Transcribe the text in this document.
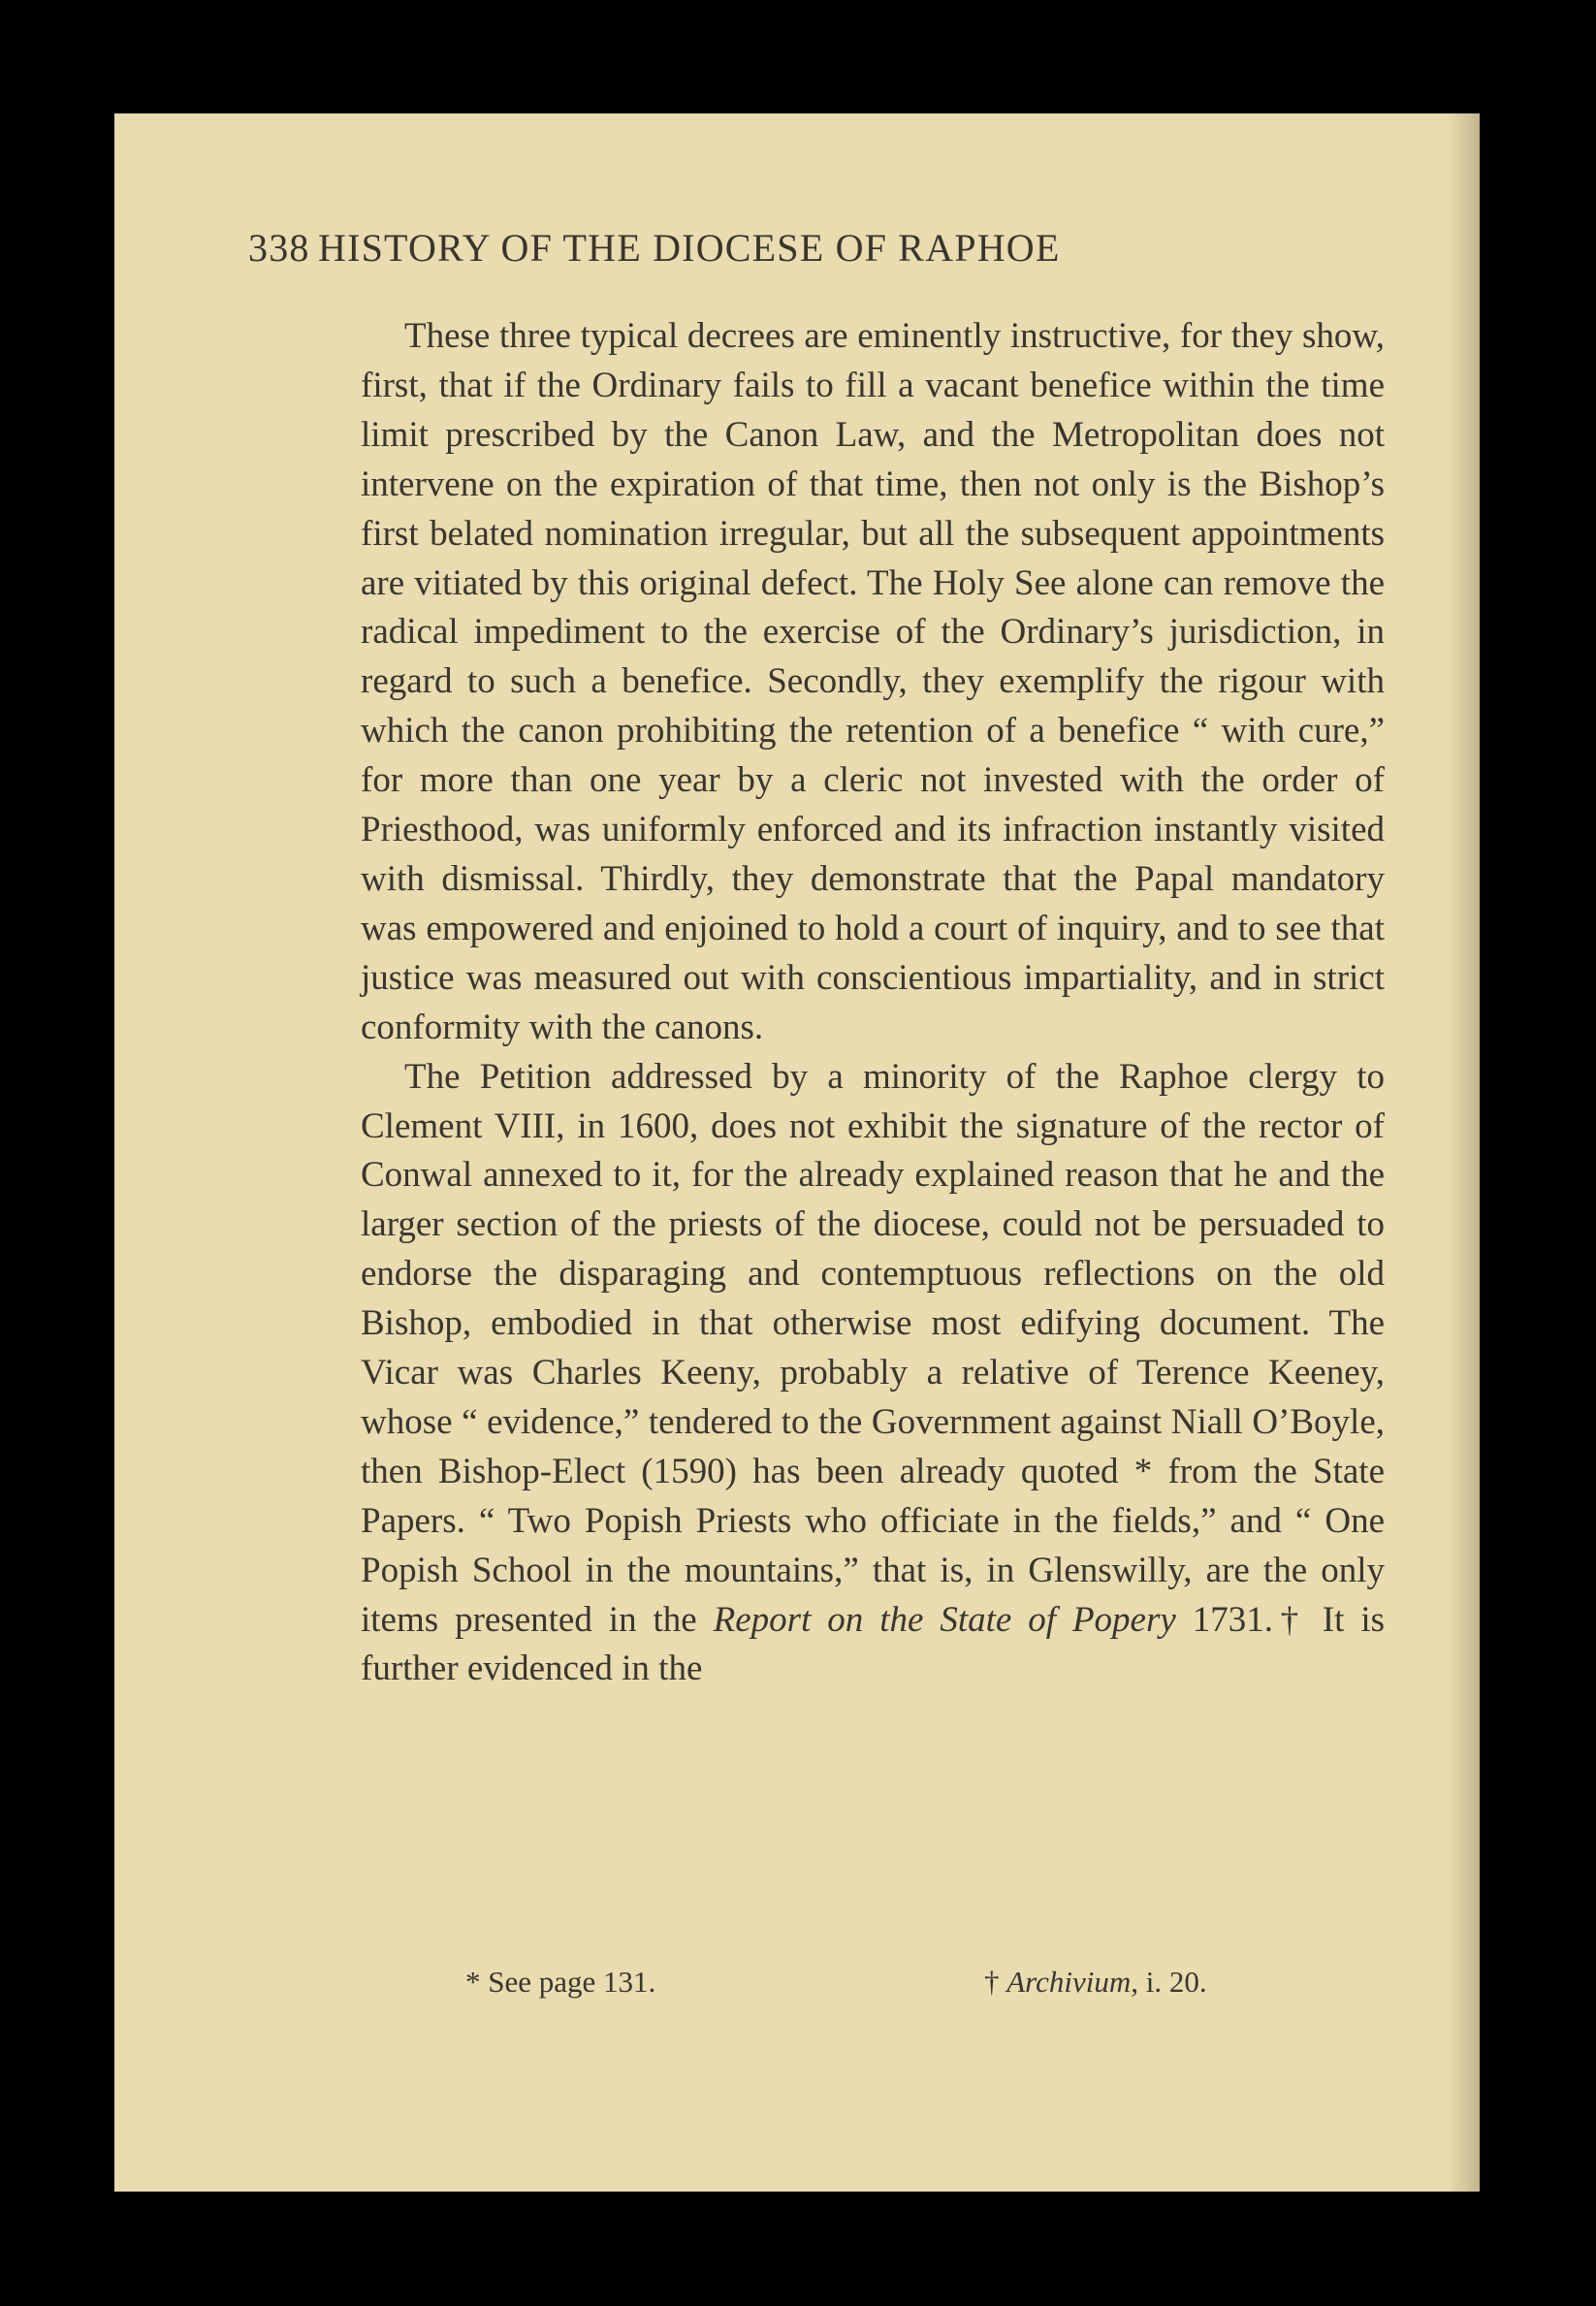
338 HISTORY OF THE DIOCESE OF RAPHOE

These three typical decrees are eminently instructive, for they show, first, that if the Ordinary fails to fill a vacant benefice within the time limit prescribed by the Canon Law, and the Metropolitan does not intervene on the expiration of that time, then not only is the Bishop’s first belated nomination irregular, but all the subsequent appointments are vitiated by this original defect. The Holy See alone can remove the radical impediment to the exercise of the Ordinary’s jurisdiction, in regard to such a benefice. Secondly, they exemplify the rigour with which the canon prohibiting the retention of a benefice “ with cure,” for more than one year by a cleric not invested with the order of Priesthood, was uniformly enforced and its infraction instantly visited with dismissal. Thirdly, they demonstrate that the Papal mandatory was empowered and enjoined to hold a court of inquiry, and to see that justice was measured out with conscientious impartiality, and in strict conformity with the canons.

The Petition addressed by a minority of the Raphoe clergy to Clement VIII, in 1600, does not exhibit the signature of the rector of Conwal annexed to it, for the already explained reason that he and the larger section of the priests of the diocese, could not be persuaded to endorse the disparaging and contemptuous reflections on the old Bishop, embodied in that otherwise most edifying document. The Vicar was Charles Keeny, probably a relative of Terence Keeney, whose “ evidence,” tendered to the Government against Niall O’Boyle, then Bishop-Elect (1590) has been already quoted * from the State Papers. “ Two Popish Priests who officiate in the fields,” and “ One Popish School in the mountains,” that is, in Glenswilly, are the only items presented in the Report on the State of Popery 1731.† It is further evidenced in the

* See page 131.	† Archivium, i. 20.
